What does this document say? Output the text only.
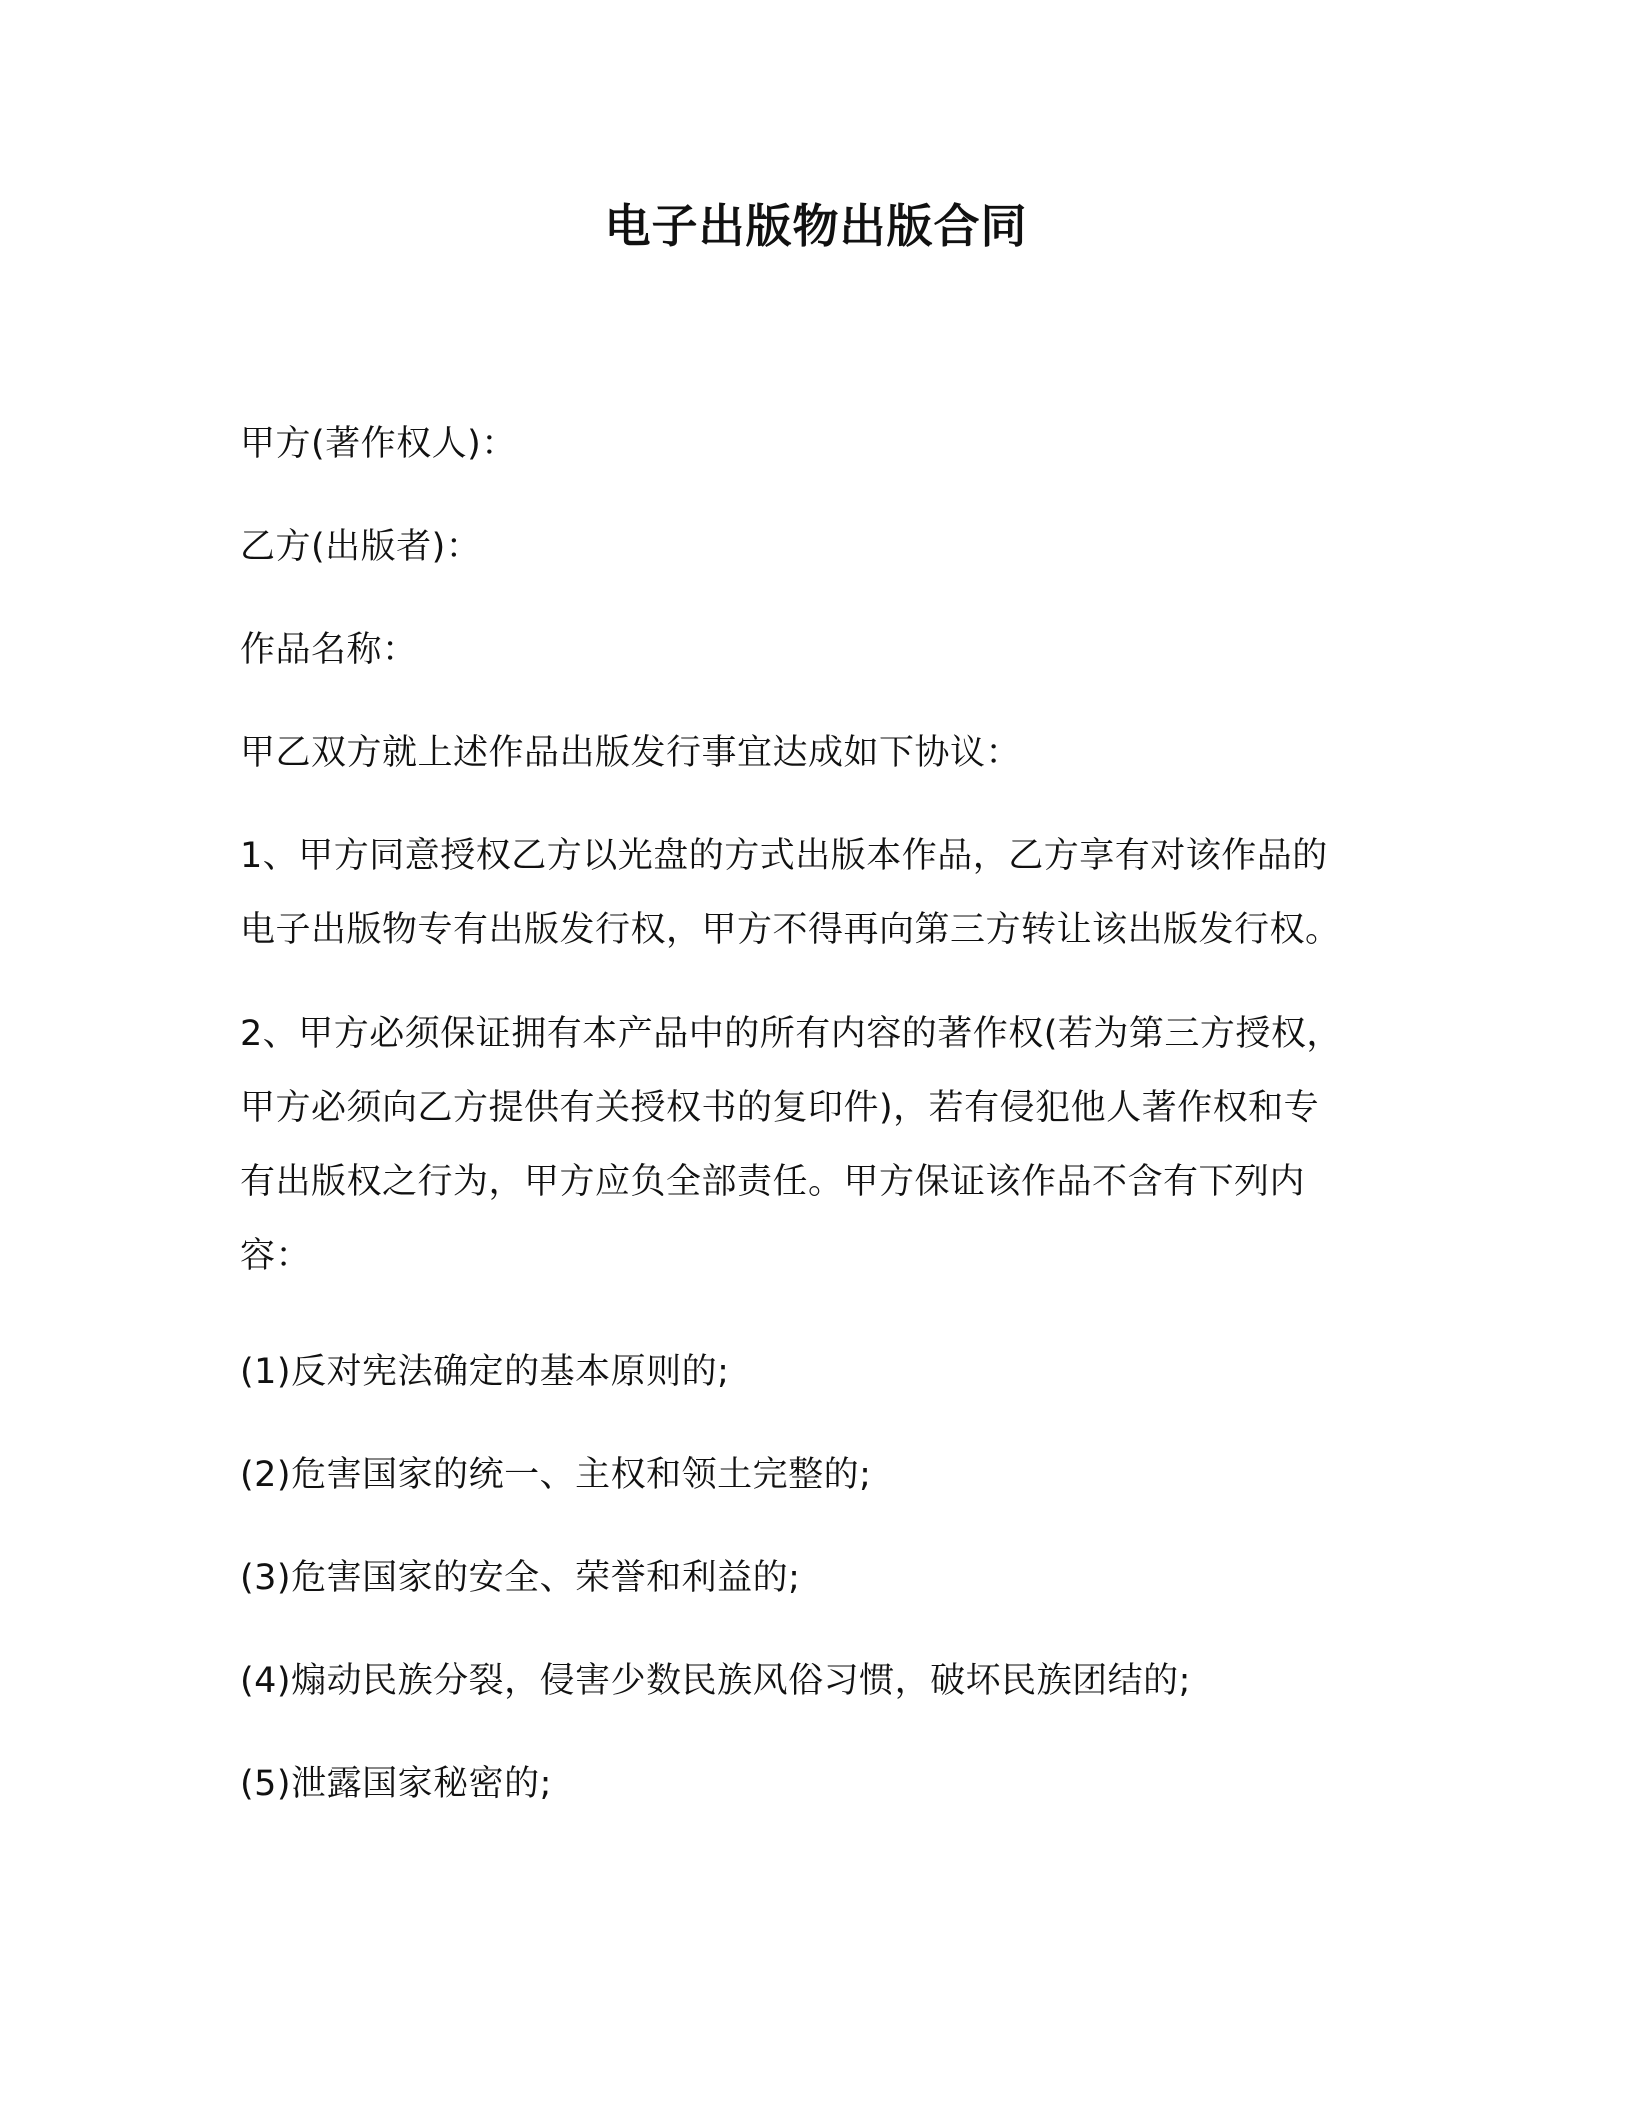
电子出版物出版合同

甲方(著作权人)：

乙方(出版者)：

作品名称：

甲乙双方就上述作品出版发行事宜达成如下协议：

1、甲方同意授权乙方以光盘的方式出版本作品，乙方享有对该作品的
电子出版物专有出版发行权，甲方不得再向第三方转让该出版发行权。

2、甲方必须保证拥有本产品中的所有内容的著作权(若为第三方授权，
甲方必须向乙方提供有关授权书的复印件)，若有侵犯他人著作权和专
有出版权之行为，甲方应负全部责任。甲方保证该作品不含有下列内
容：

(1)反对宪法确定的基本原则的;

(2)危害国家的统一、主权和领土完整的;

(3)危害国家的安全、荣誉和利益的;

(4)煽动民族分裂，侵害少数民族风俗习惯，破坏民族团结的;

(5)泄露国家秘密的;
